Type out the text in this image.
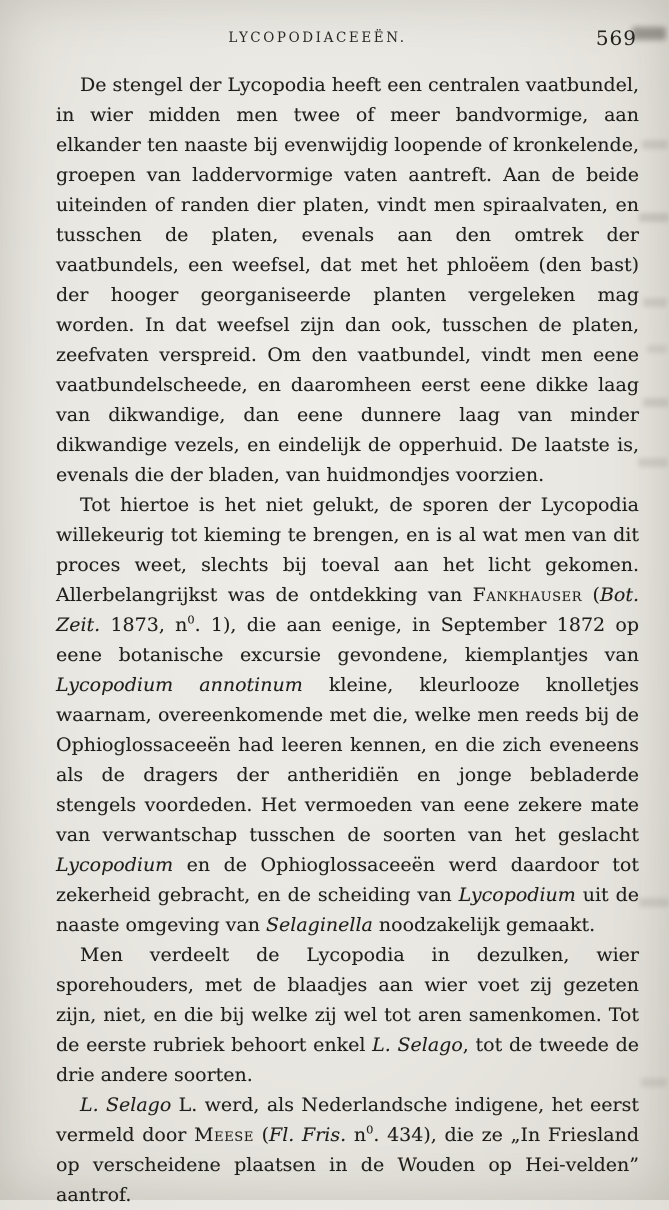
LYCOPODIACEEËN.	569

De stengel der Lycopodia heeft een centralen vaatbundel, in wier midden men twee of meer bandvormige, aan elkander ten naaste bij evenwijdig loopende of kronkelende, groepen van laddervormige vaten aantreft. Aan de beide uiteinden of randen dier platen, vindt men spiraalvaten, en tusschen de platen, evenals aan den omtrek der vaatbundels, een weefsel, dat met het phloëem (den bast) der hooger georganiseerde planten vergeleken mag worden. In dat weefsel zijn dan ook, tusschen de platen, zeefvaten verspreid. Om den vaatbundel, vindt men eene vaatbundelscheede, en daaromheen eerst eene dikke laag van dikwandige, dan eene dunnere laag van minder dikwandige vezels, en eindelijk de opperhuid. De laatste is, evenals die der bladen, van huidmondjes voorzien.

Tot hiertoe is het niet gelukt, de sporen der Lycopodia willekeurig tot kieming te brengen, en is al wat men van dit proces weet, slechts bij toeval aan het licht gekomen. Allerbelangrijkst was de ontdekking van Fankhauser (Bot. Zeit. 1873, $n^0$. 1), die aan eenige, in September 1872 op eene botanische excursie gevondene, kiemplantjes van Lycopodium annotinum kleine, kleurlooze knolletjes waarnam, overeenkomende met die, welke men reeds bij de Ophioglossaceeën had leeren kennen, en die zich eveneens als de dragers der antheridiën en jonge bebladerde stengels voordeden. Het vermoeden van eene zekere mate van verwantschap tusschen de soorten van het geslacht Lycopodium en de Ophioglossaceeën werd daardoor tot zekerheid gebracht, en de scheiding van Lycopodium uit de naaste omgeving van Selaginella noodzakelijk gemaakt.

Men verdeelt de Lycopodia in dezulken, wier sporehouders, met de blaadjes aan wier voet zij gezeten zijn, niet, en die bij welke zij wel tot aren samenkomen. Tot de eerste rubriek behoort enkel L. Selago, tot de tweede de drie andere soorten.

L. Selago L. werd, als Nederlandsche indigene, het eerst vermeld door Meese (Fl. Fris. $n^0$. 434), die ze „In Friesland op verscheidene plaatsen in de Wouden op Hei-velden” aantrof.
